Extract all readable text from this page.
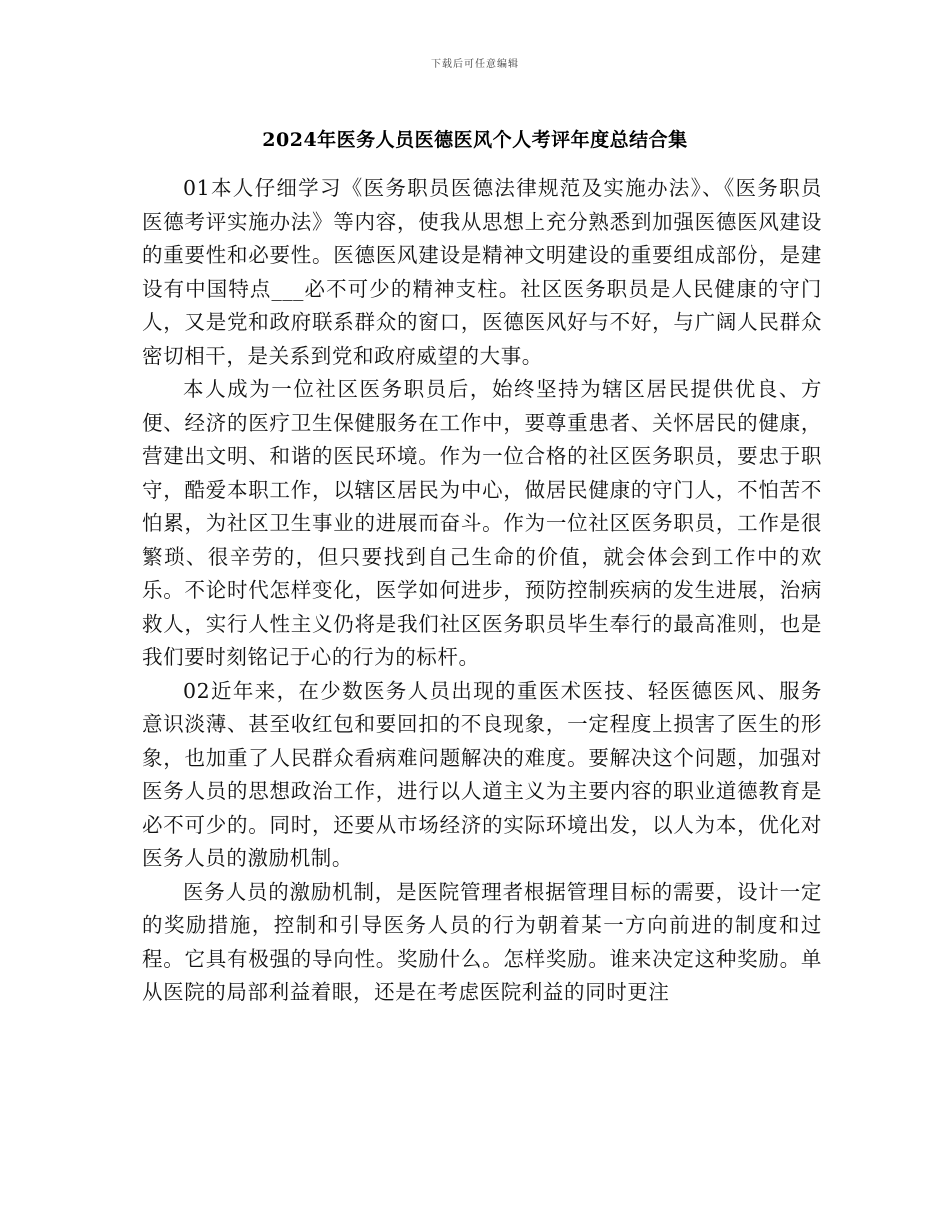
下载后可任意编辑
2024年医务人员医德医风个人考评年度总结合集

01本人仔细学习《医务职员医德法律规范及实施办法》、《医务职员医德考评实施办法》等内容，使我从思想上充分熟悉到加强医德医风建设的重要性和必要性。医德医风建设是精神文明建设的重要组成部份，是建设有中国特点___必不可少的精神支柱。社区医务职员是人民健康的守门人，又是党和政府联系群众的窗口，医德医风好与不好，与广阔人民群众密切相干，是关系到党和政府威望的大事。

本人成为一位社区医务职员后，始终坚持为辖区居民提供优良、方便、经济的医疗卫生保健服务在工作中，要尊重患者、关怀居民的健康，营建出文明、和谐的医民环境。作为一位合格的社区医务职员，要忠于职守，酷爱本职工作，以辖区居民为中心，做居民健康的守门人，不怕苦不怕累，为社区卫生事业的进展而奋斗。作为一位社区医务职员，工作是很繁琐、很辛劳的，但只要找到自己生命的价值，就会体会到工作中的欢乐。不论时代怎样变化，医学如何进步，预防控制疾病的发生进展，治病救人，实行人性主义仍将是我们社区医务职员毕生奉行的最高准则，也是我们要时刻铭记于心的行为的标杆。

02近年来，在少数医务人员出现的重医术医技、轻医德医风、服务意识淡薄、甚至收红包和要回扣的不良现象，一定程度上损害了医生的形象，也加重了人民群众看病难问题解决的难度。要解决这个问题，加强对医务人员的思想政治工作，进行以人道主义为主要内容的职业道德教育是必不可少的。同时，还要从市场经济的实际环境出发，以人为本，优化对医务人员的激励机制。

医务人员的激励机制，是医院管理者根据管理目标的需要，设计一定的奖励措施，控制和引导医务人员的行为朝着某一方向前进的制度和过程。它具有极强的导向性。奖励什么。怎样奖励。谁来决定这种奖励。单从医院的局部利益着眼，还是在考虑医院利益的同时更注
